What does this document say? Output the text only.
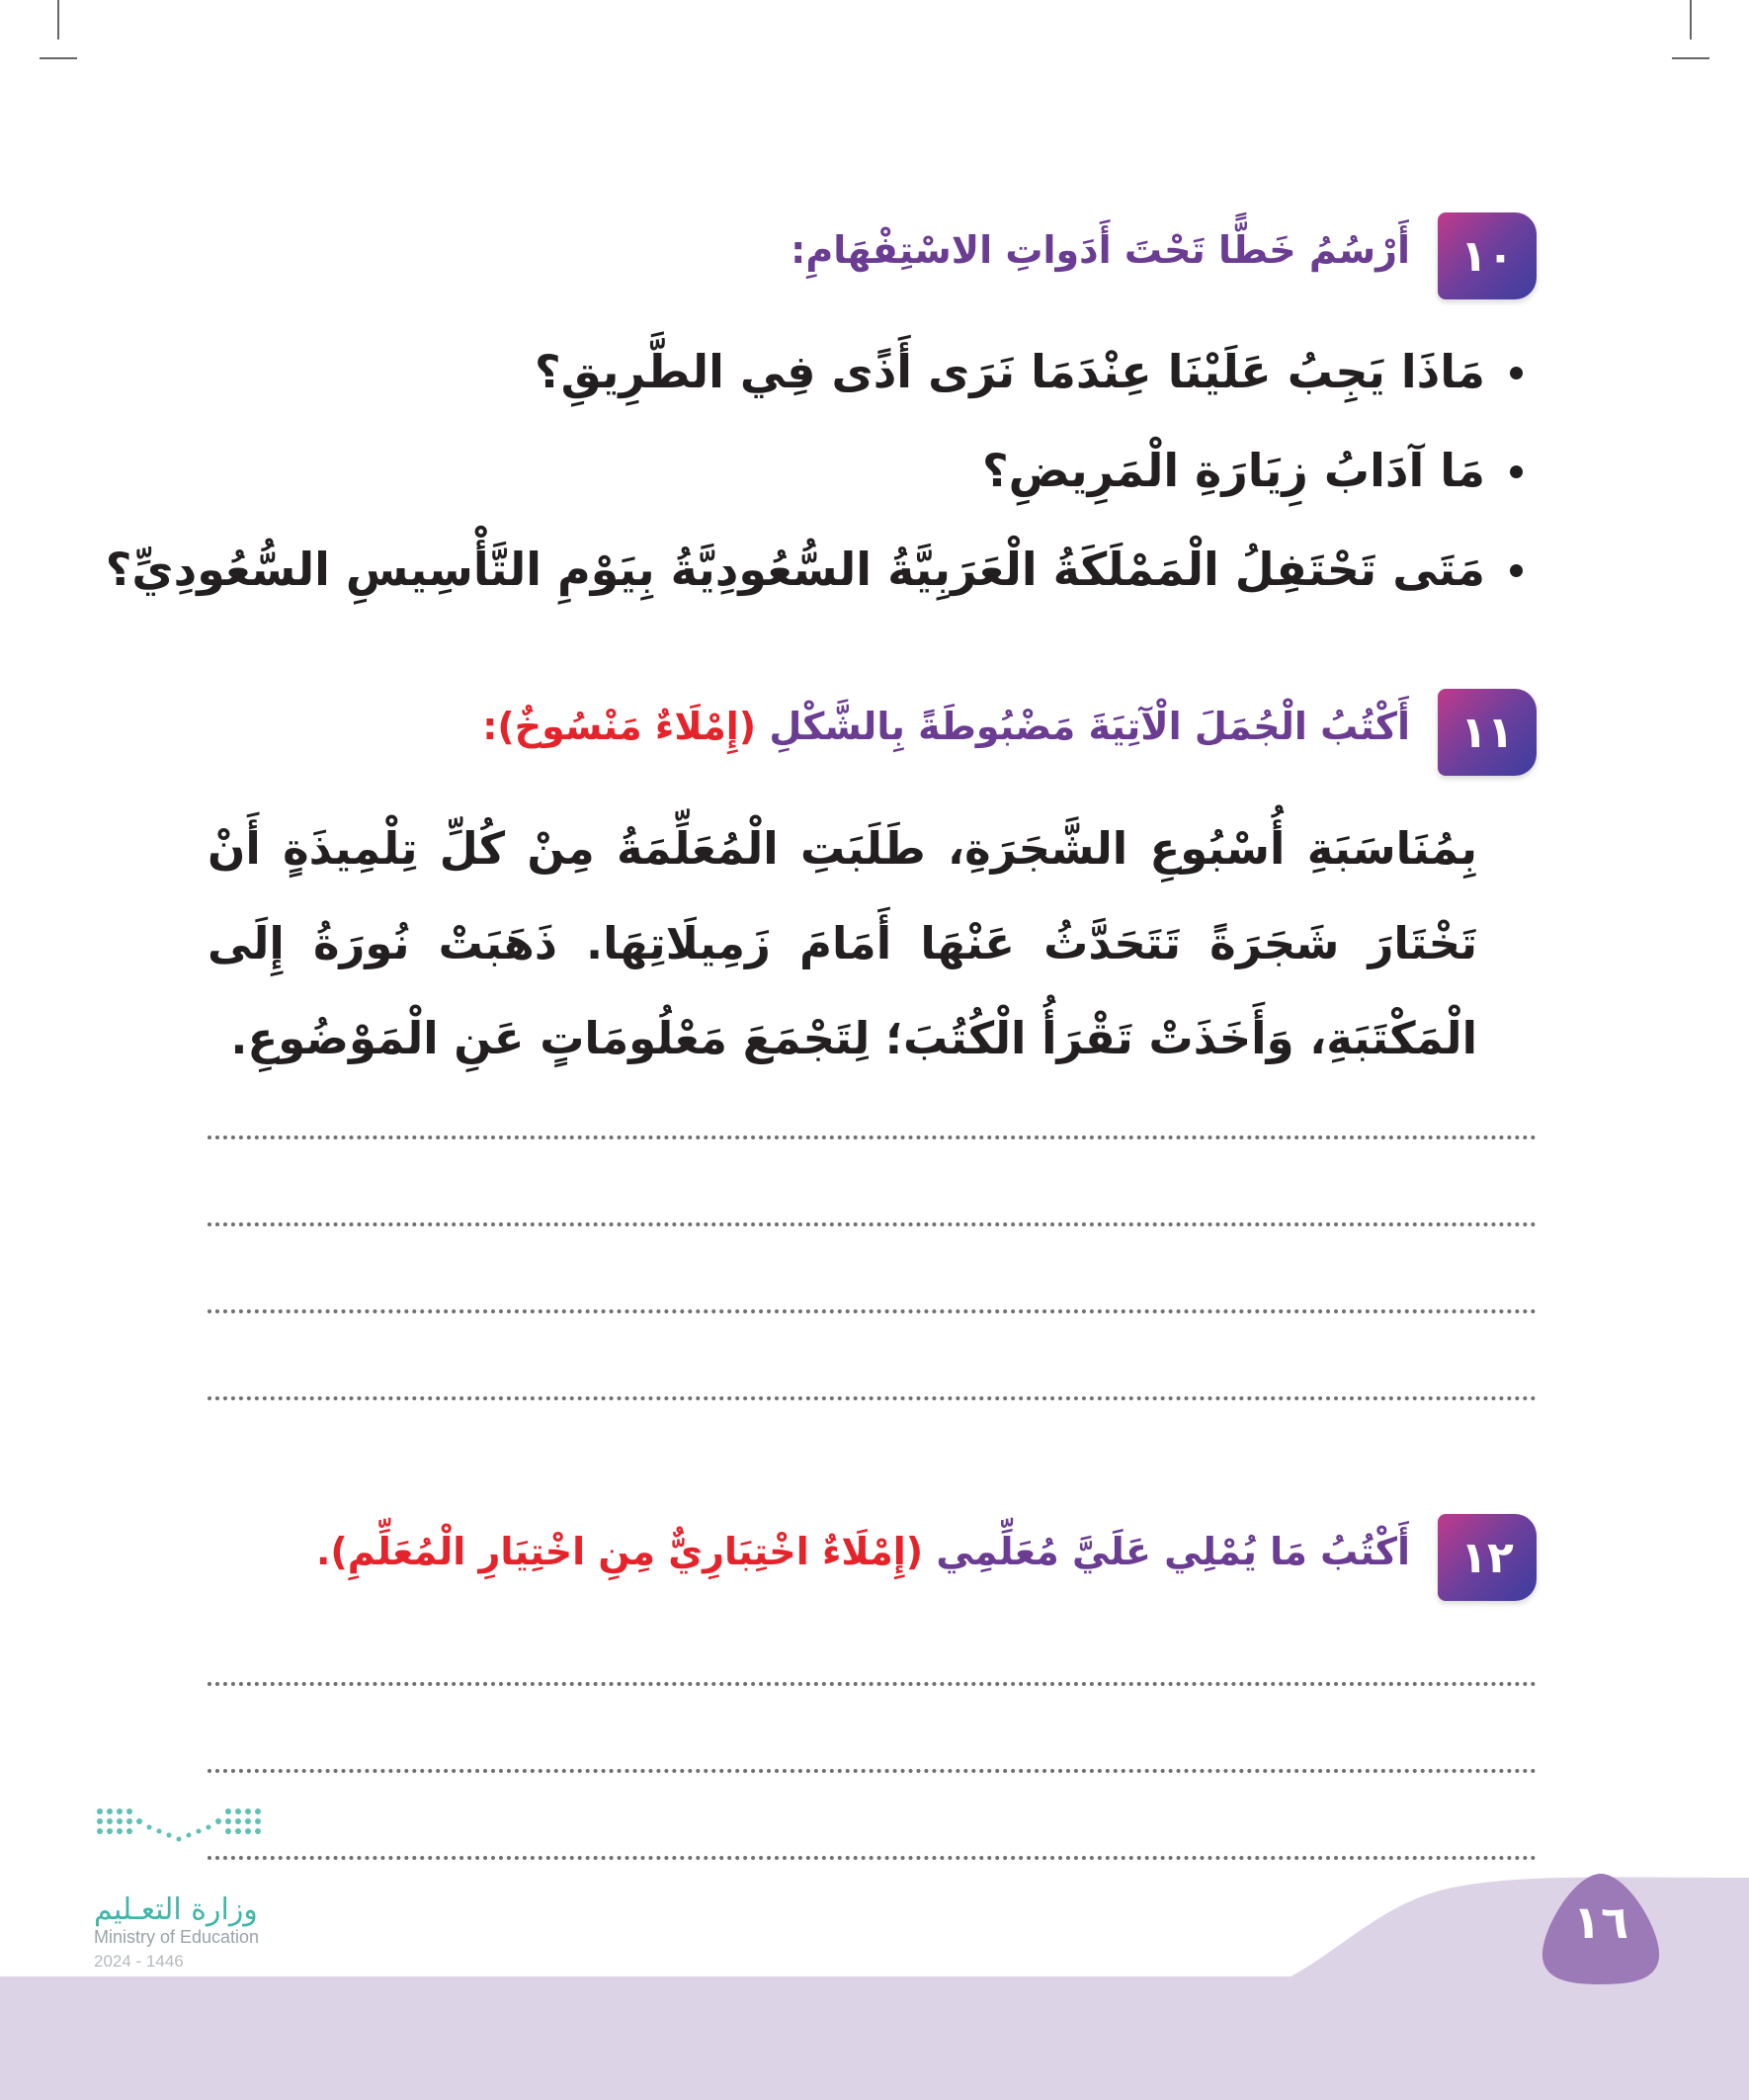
١٠
أَرْسُمُ خَطًّا تَحْتَ أَدَواتِ الاسْتِفْهَامِ:
مَاذَا يَجِبُ عَلَيْنَا عِنْدَمَا نَرَى أَذًى فِي الطَّرِيقِ؟
مَا آدَابُ زِيَارَةِ الْمَرِيضِ؟
مَتَى تَحْتَفِلُ الْمَمْلَكَةُ الْعَرَبِيَّةُ السُّعُودِيَّةُ بِيَوْمِ التَّأْسِيسِ السُّعُودِيِّ؟
١١
أَكْتُبُ الْجُمَلَ الْآتِيَةَ مَضْبُوطَةً بِالشَّكْلِ (إِمْلَاءٌ مَنْسُوخٌ):

بِمُنَاسَبَةِ أُسْبُوعِ الشَّجَرَةِ، طَلَبَتِ الْمُعَلِّمَةُ مِنْ كُلِّ تِلْمِيذَةٍ أَنْ تَخْتَارَ شَجَرَةً تَتَحَدَّثُ عَنْهَا أَمَامَ زَمِيلَاتِهَا. ذَهَبَتْ نُورَةُ إِلَى الْمَكْتَبَةِ، وَأَخَذَتْ تَقْرَأُ الْكُتُبَ؛ لِتَجْمَعَ مَعْلُومَاتٍ عَنِ الْمَوْضُوعِ.

١٢
أَكْتُبُ مَا يُمْلِي عَلَيَّ مُعَلِّمِي (إِمْلَاءٌ اخْتِبَارِيٌّ مِنِ اخْتِيَارِ الْمُعَلِّمِ).
وزارة التعـليم
Ministry of Education
2024 - 1446
١٦
